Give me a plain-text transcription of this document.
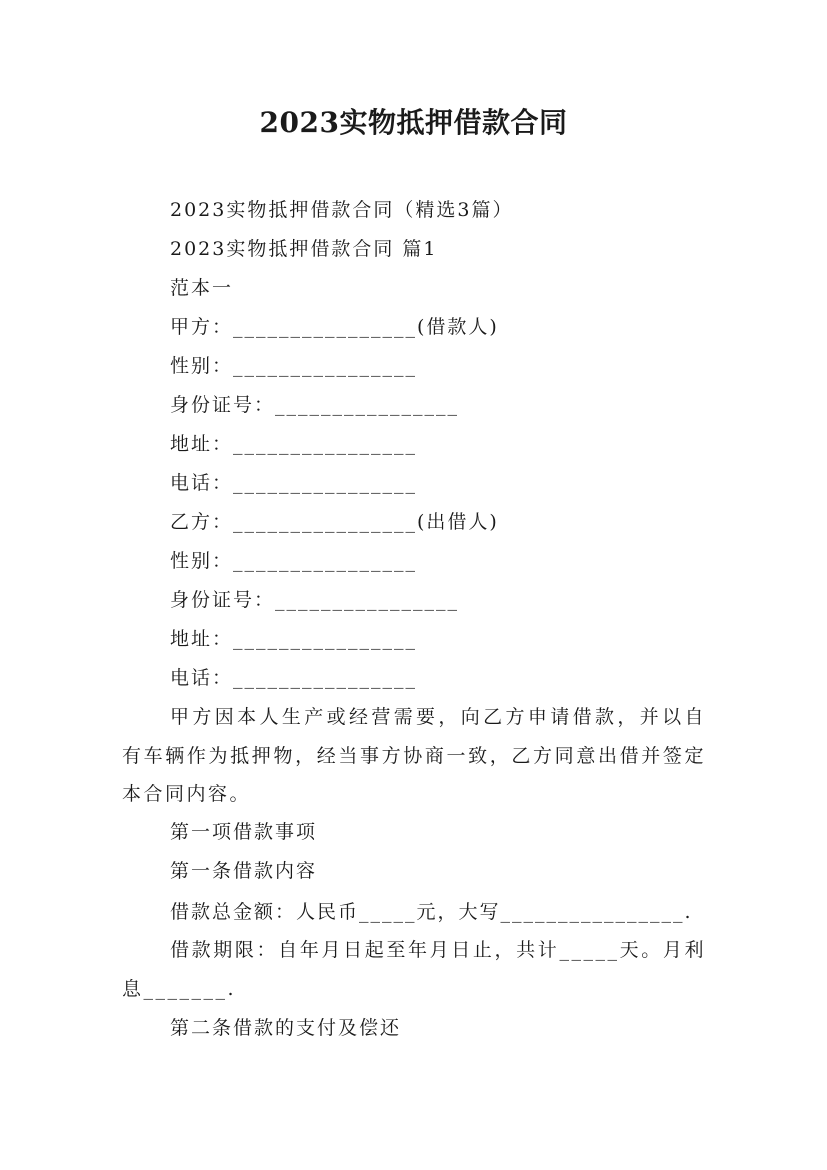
2023实物抵押借款合同
2023实物抵押借款合同（精选3篇）
2023实物抵押借款合同 篇1
范本一
甲方：________________(借款人)
性别：________________
身份证号：________________
地址：________________
电话：________________
乙方：________________(出借人)
性别：________________
身份证号：________________
地址：________________
电话：________________
甲方因本人生产或经营需要，向乙方申请借款，并以自有车辆作为抵押物，经当事方协商一致，乙方同意出借并签定本合同内容。
第一项借款事项
第一条借款内容
借款总金额：人民币_____元，大写________________.
借款期限：自年月日起至年月日止，共计_____天。月利息_______.
第二条借款的支付及偿还
